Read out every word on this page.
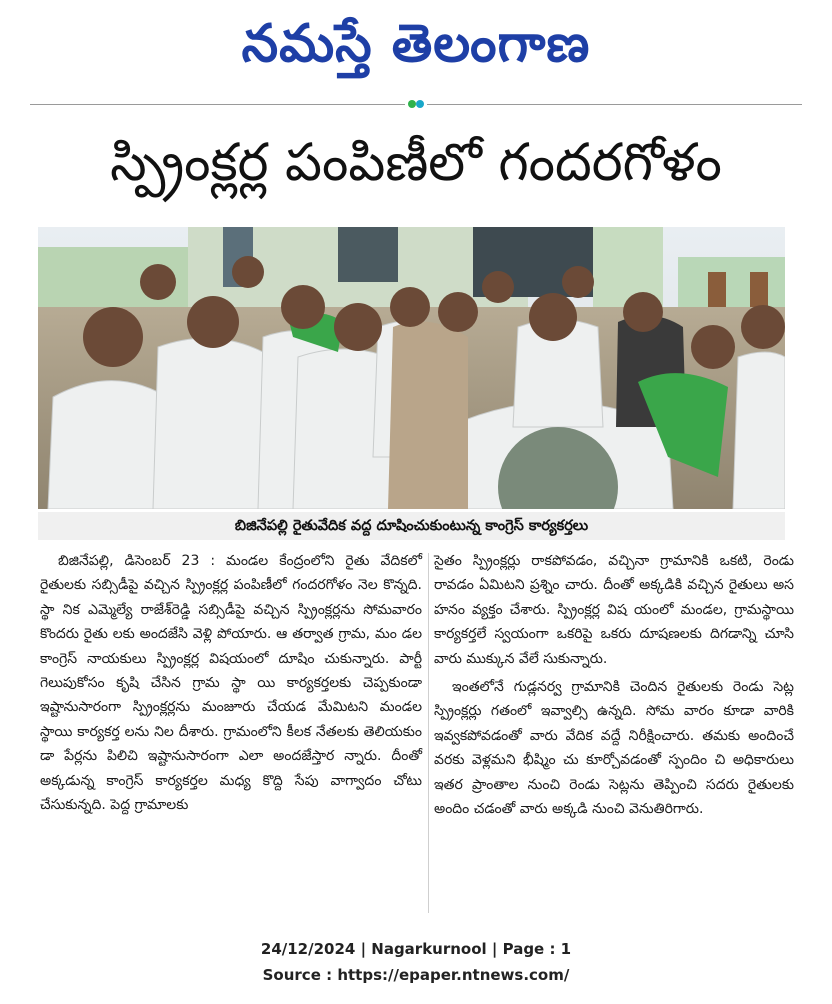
నమస్తే తెలంగాణ
స్ప్రింక్లర్ల పంపిణీలో గందరగోళం
బిజినేపల్లి రైతువేదిక వద్ద దూషించుకుంటున్న కాంగ్రెస్ కార్యకర్తలు

బిజినేపల్లి, డిసెంబర్ 23 : మండల కేంద్రంలోని రైతు వేదికలో రైతులకు సబ్సిడీపై వచ్చిన స్ప్రింక్లర్ల పంపిణీలో గందరగోళం నెల కొన్నది. స్థా నిక ఎమ్మెల్యే రాజేశ్‌రెడ్డి సబ్సిడీపై వచ్చిన స్ప్రింక్లర్లను సోమవారం కొందరు రైతు లకు అందజేసి వెళ్లి పోయారు. ఆ తర్వాత గ్రామ, మం డల కాంగ్రెస్ నాయకులు స్ప్రింక్లర్ల విషయంలో దూషిం చుకున్నారు. పార్టీ గెలుపుకోసం కృషి చేసిన గ్రామ స్థా యి కార్యకర్తలకు చెప్పకుండా ఇష్టానుసారంగా స్ప్రింక్లర్లను మంజూరు చేయడ మేమిటని మండల స్థాయి కార్యకర్త లను నిల దీశారు. గ్రామంలోని కీలక నేతలకు తెలియకుం డా పేర్లను పిలిచి ఇష్టానుసారంగా ఎలా అందజేస్తార న్నారు. దీంతో అక్కడున్న కాంగ్రెస్ కార్యకర్తల మధ్య కొద్ది సేపు వాగ్వాదం చోటు చేసుకున్నది. పెద్ద గ్రామాలకు

సైతం స్ప్రింక్లర్లు రాకపోవడం, వచ్చినా గ్రామానికి ఒకటి, రెండు రావడం ఏమిటని ప్రశ్నిం చారు. దీంతో అక్కడికి వచ్చిన రైతులు అస హనం వ్యక్తం చేశారు. స్ప్రింక్లర్ల విష యంలో మండల, గ్రామస్థాయి కార్యకర్తలే స్వయంగా ఒకరిపై ఒకరు దూషణలకు దిగడాన్ని చూసి వారు ముక్కున వేలే సుకున్నారు.

ఇంతలోనే గుడ్లనర్వ గ్రామానికి చెందిన రైతులకు రెండు సెట్ల స్ప్రింక్లర్లు గతంలో ఇవ్వాల్సి ఉన్నది. సోమ వారం కూడా వారికి ఇవ్వకపోవడంతో వారు వేదిక వద్దే నిరీక్షించారు. తమకు అందించే వరకు వెళ్లమని భీష్మిం చు కూర్చోవడంతో స్పందిం చి అధికారులు ఇతర ప్రాంతాల నుంచి రెండు సెట్లను తెప్పించి సదరు రైతులకు అందిం చడంతో వారు అక్కడి నుంచి వెనుతిరిగారు.

24/12/2024 | Nagarkurnool | Page : 1
Source : https://epaper.ntnews.com/
